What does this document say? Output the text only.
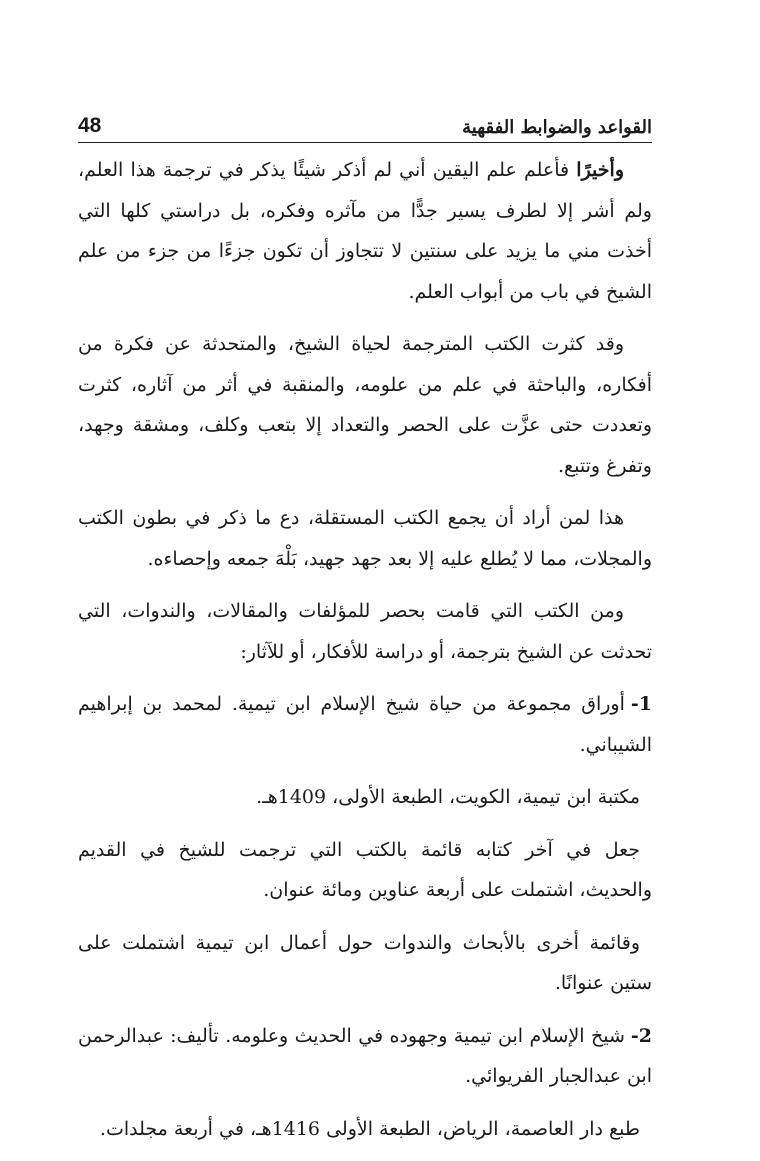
48	القواعد والضوابط الفقهية

وأخيرًا فأعلم علم اليقين أني لم أذكر شيئًا يذكر في ترجمة هذا العلم، ولم أشر إلا لطرف يسير جدًّا من مآثره وفكره، بل دراستي كلها التي أخذت مني ما يزيد على سنتين لا تتجاوز أن تكون جزءًا من جزء من علم الشيخ في باب من أبواب العلم.

وقد كثرت الكتب المترجمة لحياة الشيخ، والمتحدثة عن فكرة من أفكاره، والباحثة في علم من علومه، والمنقبة في أثر من آثاره، كثرت وتعددت حتى عزَّت على الحصر والتعداد إلا بتعب وكلف، ومشقة وجهد، وتفرغ وتتبع.

هذا لمن أراد أن يجمع الكتب المستقلة، دع ما ذكر في بطون الكتب والمجلات، مما لا يُطلع عليه إلا بعد جهد جهيد، بَلْهَ جمعه وإحصاءه.

ومن الكتب التي قامت بحصر للمؤلفات والمقالات، والندوات، التي تحدثت عن الشيخ بترجمة، أو دراسة للأفكار، أو للآثار:

1-أوراق مجموعة من حياة شيخ الإسلام ابن تيمية. لمحمد بن إبراهيم الشيباني.

مكتبة ابن تيمية، الكويت، الطبعة الأولى، 1409هـ.

جعل في آخر كتابه قائمة بالكتب التي ترجمت للشيخ في القديم والحديث، اشتملت على أربعة عناوين ومائة عنوان.

وقائمة أخرى بالأبحاث والندوات حول أعمال ابن تيمية اشتملت على ستين عنوانًا.

2-شيخ الإسلام ابن تيمية وجهوده في الحديث وعلومه. تأليف: عبدالرحمن ابن عبدالجبار الفريوائي.

طبع دار العاصمة، الرياض، الطبعة الأولى 1416هـ، في أربعة مجلدات.
